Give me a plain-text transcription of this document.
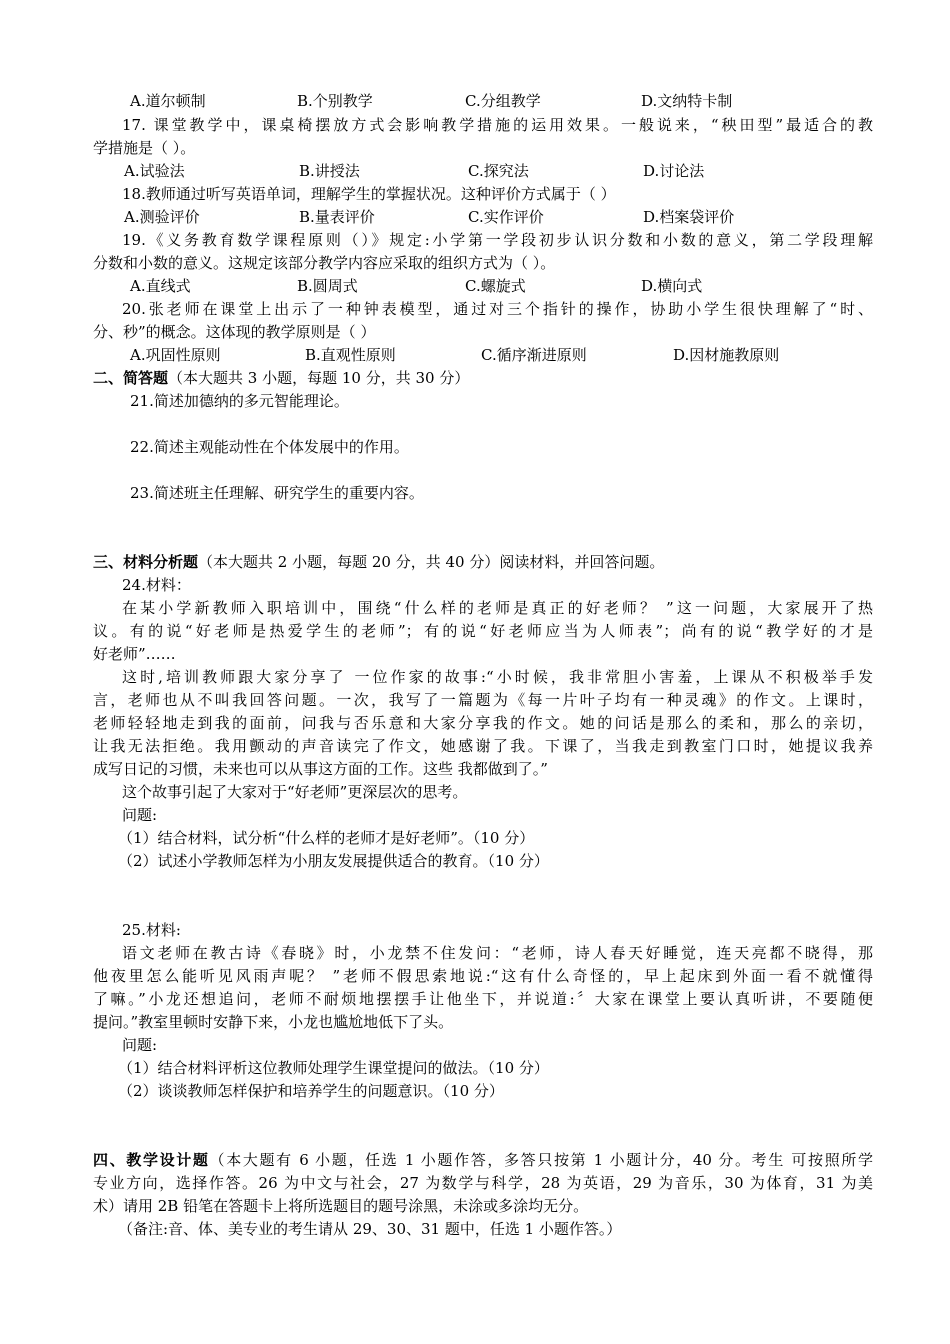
A.道尔顿制	B.个别教学	C.分组教学	D.文纳特卡制
17. 课堂教学中，课桌椅摆放方式会影响教学措施的运用效果。一般说来，“秧田型”最适合的教
学措施是（ ）。
A.试验法	B.讲授法	C.探究法	D.讨论法
18.教师通过听写英语单词，理解学生的掌握状况。这种评价方式属于（ ）
A.测验评价	B.量表评价	C.实作评价	D.档案袋评价
19.《义务教育数学课程原则（）》规定:小学第一学段初步认识分数和小数的意义，第二学段理解
分数和小数的意义。这规定该部分教学内容应采取的组织方式为（ ）。
A.直线式	B.圆周式	C.螺旋式	D.横向式
20.张老师在课堂上出示了一种钟表模型，通过对三个指针的操作，协助小学生很快理解了“时、
分、秒”的概念。这体现的教学原则是（ ）
A.巩固性原则	B.直观性原则	C.循序渐进原则	D.因材施教原则
二、简答题（本大题共 3 小题，每题 10 分，共 30 分）
21.简述加德纳的多元智能理论。
22.简述主观能动性在个体发展中的作用。
23.简述班主任理解、研究学生的重要内容。
三、材料分析题（本大题共 2 小题，每题 20 分，共 40 分）阅读材料，并回答问题。
24.材料：
在某小学新教师入职培训中，围绕“什么样的老师是真正的好老师？ ”这一问题，大家展开了热
议。有的说“好老师是热爱学生的老师”；有的说“好老师应当为人师表”；尚有的说“教学好的才是
好老师”……
这时,培训教师跟大家分享了 一位作家的故事:“小时候，我非常胆小害羞，上课从不积极举手发
言，老师也从不叫我回答问题。一次，我写了一篇题为《每一片叶子均有一种灵魂》的作文。上课时，
老师轻轻地走到我的面前，问我与否乐意和大家分享我的作文。她的问话是那么的柔和，那么的亲切，
让我无法拒绝。我用颤动的声音读完了作文，她感谢了我。下课了，当我走到教室门口时，她提议我养
成写日记的习惯，未来也可以从事这方面的工作。这些 我都做到了。”
这个故事引起了大家对于“好老师”更深层次的思考。
问题:
（1）结合材料，试分析“什么样的老师才是好老师”。（10 分）
（2）试述小学教师怎样为小朋友发展提供适合的教育。（10 分）
25.材料:
语文老师在教古诗《春晓》时，小龙禁不住发问：“老师，诗人春天好睡觉，连天亮都不晓得，那
他夜里怎么能听见风雨声呢？ ”老师不假思索地说:“这有什么奇怪的，早上起床到外面一看不就懂得
了嘛。”小龙还想追问，老师不耐烦地摆摆手让他坐下，并说道:〞大家在课堂上要认真听讲，不要随便
提问。”教室里顿时安静下来，小龙也尴尬地低下了头。
问题:
（1）结合材料评析这位教师处理学生课堂提问的做法。（10 分）
（2）谈谈教师怎样保护和培养学生的问题意识。（10 分）
四、教学设计题（本大题有 6 小题，任选 1 小题作答，多答只按第 1 小题计分，40 分。考生 可按照所学
专业方向，选择作答。26 为中文与社会，27 为数学与科学，28 为英语，29 为音乐，30 为体育，31 为美
术）请用 2B 铅笔在答题卡上将所选题目的题号涂黑，未涂或多涂均无分。
（备注:音、体、美专业的考生请从 29、30、31 题中，任选 1 小题作答。）
